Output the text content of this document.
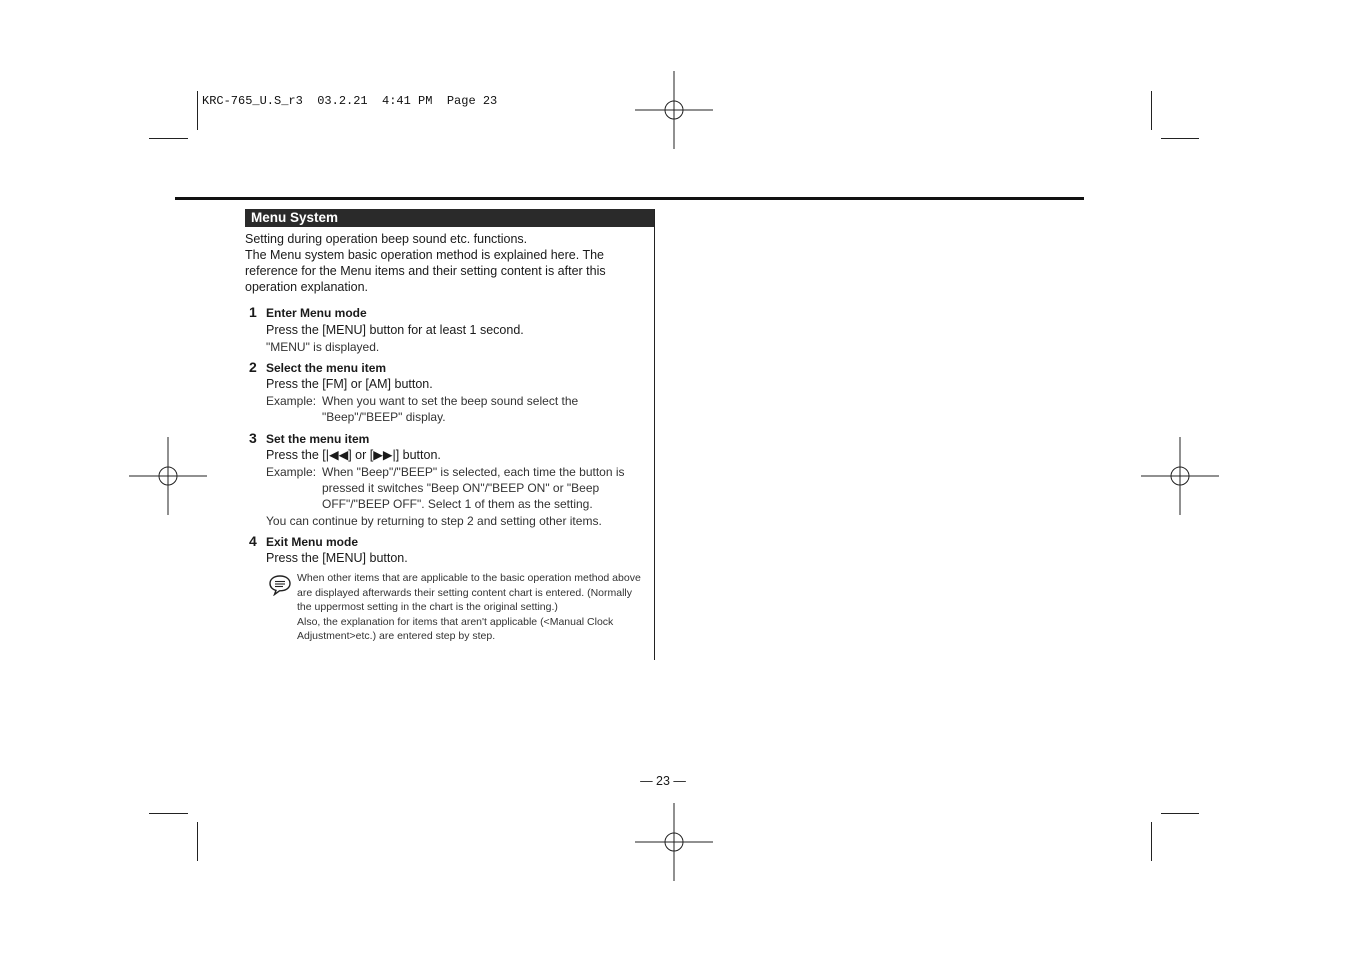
KRC-765_U.S_r3  03.2.21  4:41 PM  Page 23
Menu System

Setting during operation beep sound etc. functions.

The Menu system basic operation method is explained here. The reference for the Menu items and their setting content is after this operation explanation.

1 Enter Menu mode
Press the [MENU] button for at least 1 second.
"MENU" is displayed.
2 Select the menu item
Press the [FM] or [AM] button.
Example: When you want to set the beep sound select the "Beep"/"BEEP" display.
3 Set the menu item
Press the [|◀◀] or [▶▶|] button.
Example: When "Beep"/"BEEP" is selected, each time the button is pressed it switches "Beep ON"/"BEEP ON" or "Beep OFF"/"BEEP OFF". Select 1 of them as the setting.
You can continue by returning to step 2 and setting other items.
4 Exit Menu mode
Press the [MENU] button.

When other items that are applicable to the basic operation method above are displayed afterwards their setting content chart is entered. (Normally the uppermost setting in the chart is the original setting.)

Also, the explanation for items that aren't applicable (<Manual Clock Adjustment>etc.) are entered step by step.

— 23 —
